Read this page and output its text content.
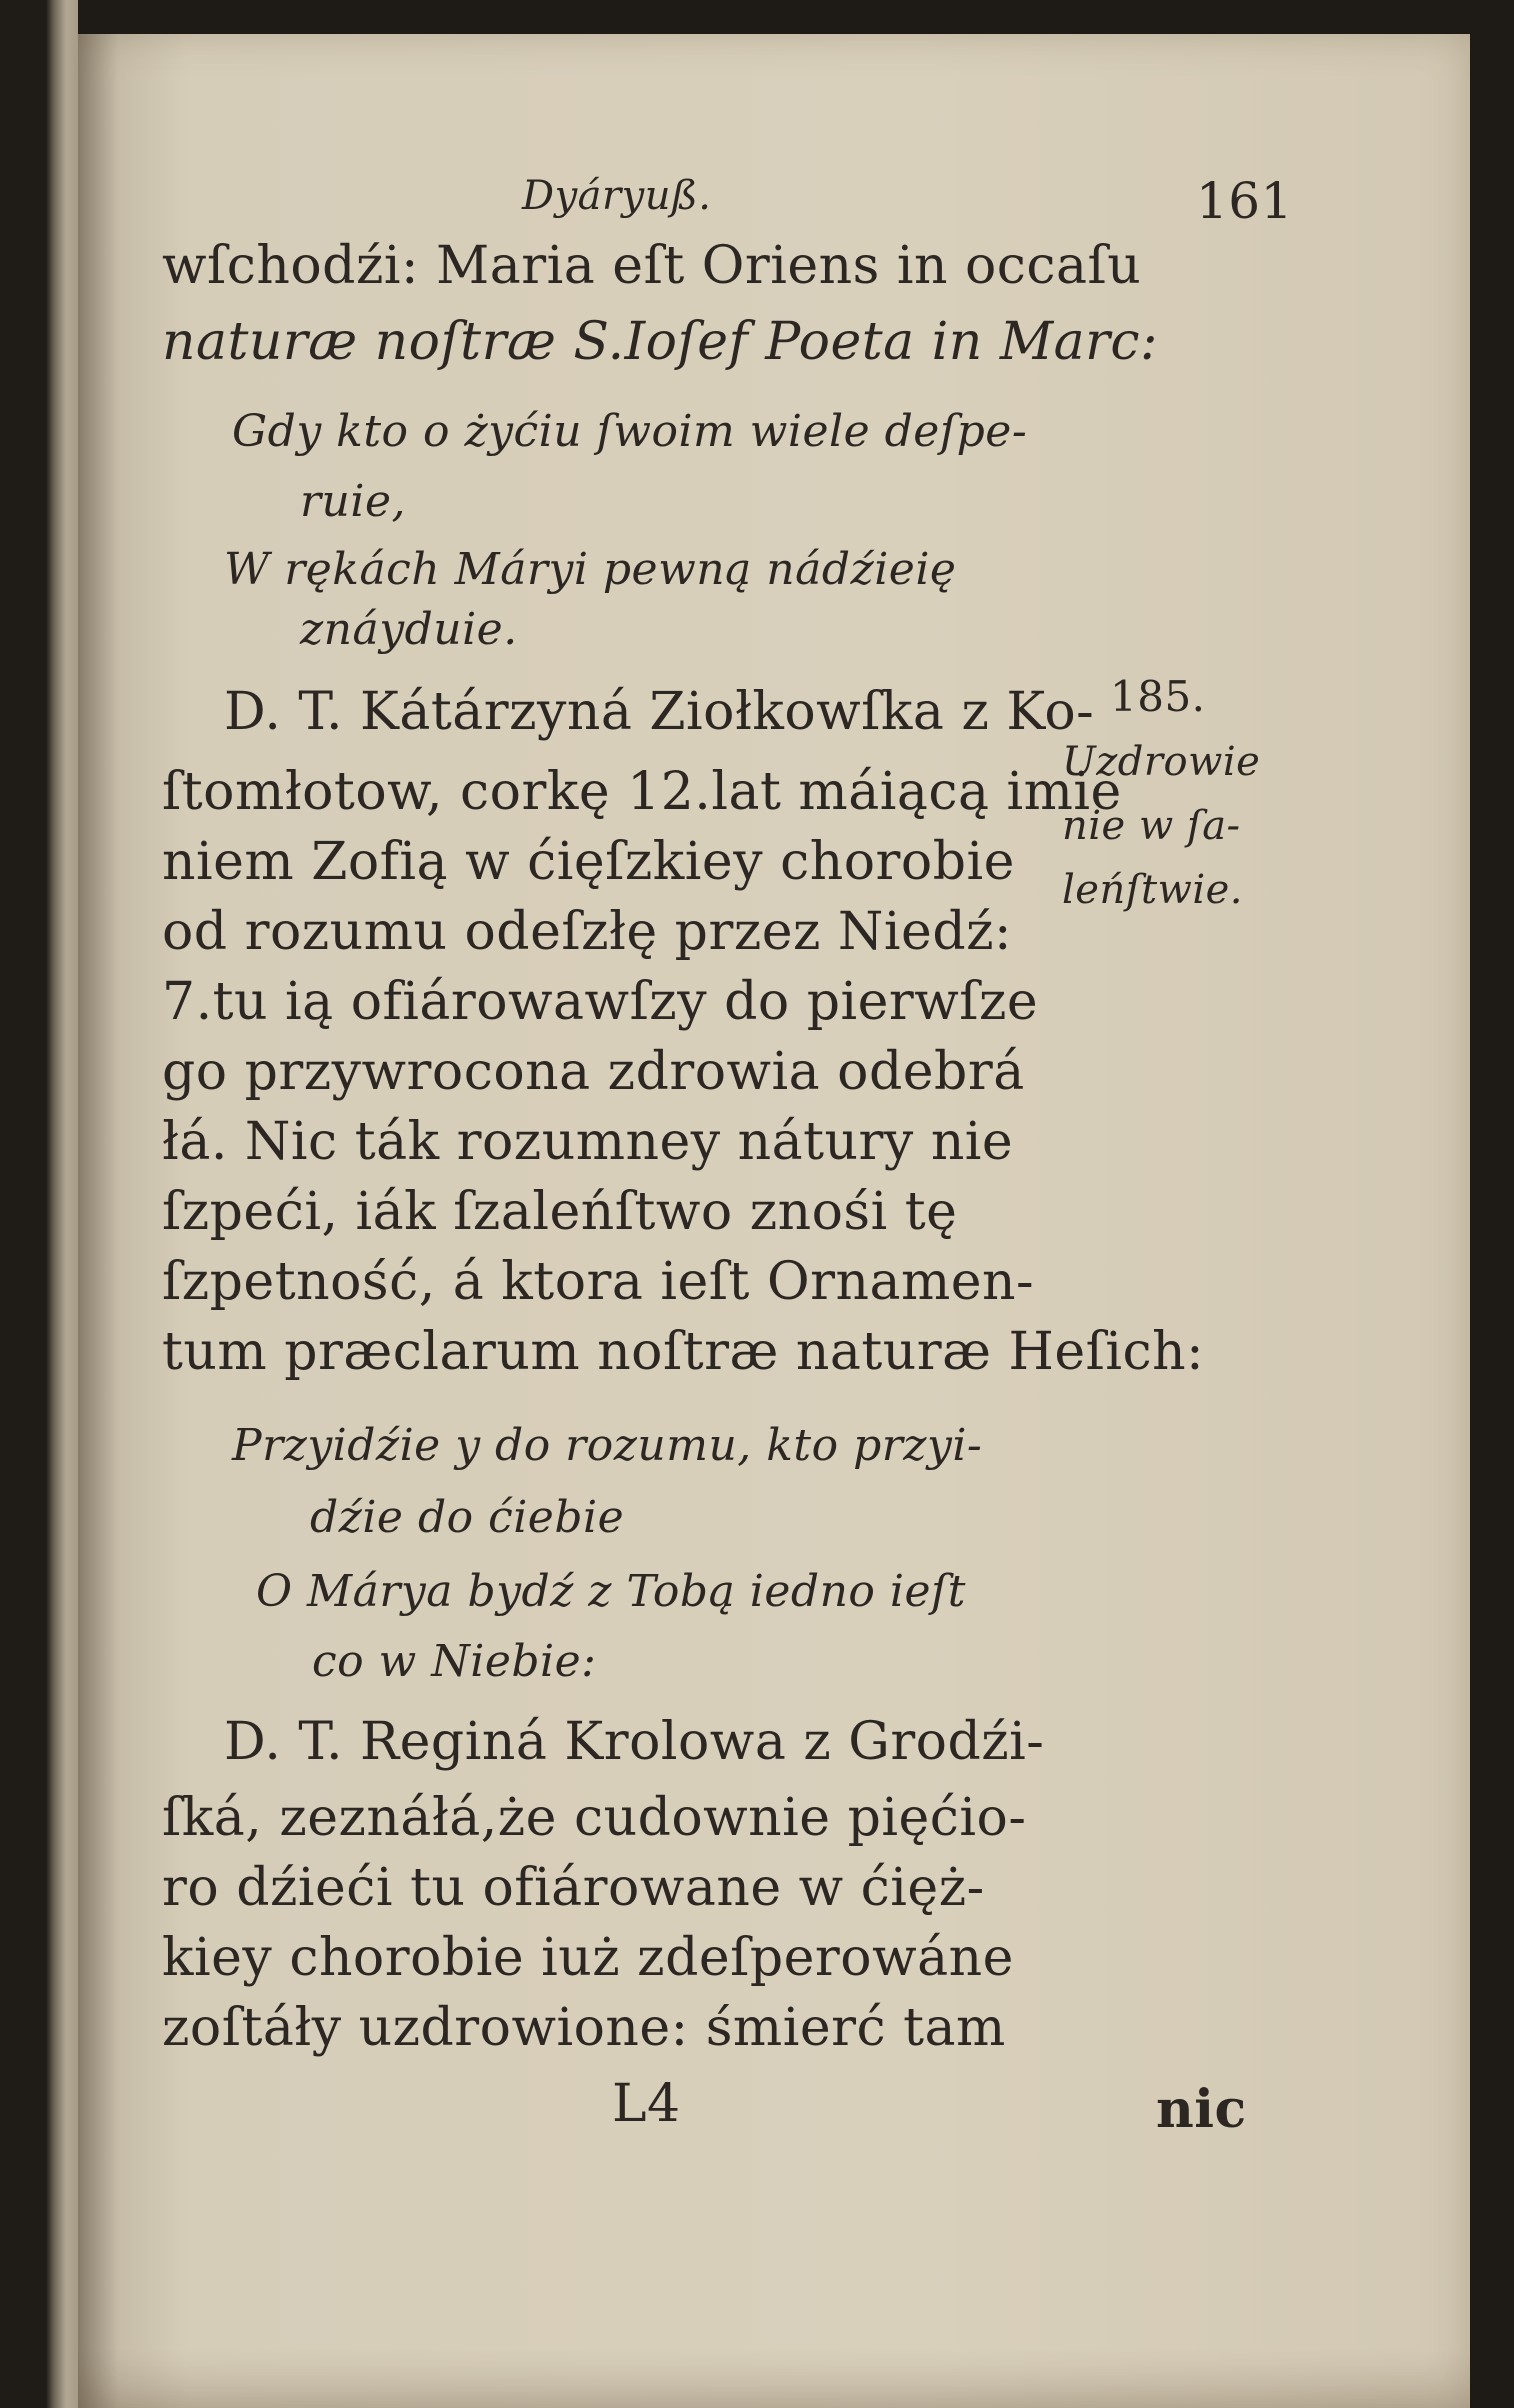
Dyáryuß.	161
wſchodźi: Maria eſt Oriens in occaſu
naturæ noſtræ S.Ioſef Poeta in Marc:
Gdy kto o żyćiu ſwoim wiele deſpe-
ruie,
W rękách Máryi pewną nádźieię
znáyduie.
D. T. Kátárzyná Ziołkowſka z Ko-
ſtomłotow, corkę 12.lat máiącą imie
niem Zofią w ćięſzkiey chorobie
od rozumu odeſzłę przez Niedź:
7.tu ią ofiárowawſzy do pierwſze
go przywrocona zdrowia odebrá
łá. Nic ták rozumney nátury nie
ſzpeći, iák ſzaleńſtwo znośi tę
ſzpetność, á ktora ieſt Ornamen-
tum præclarum noſtræ naturæ Heſich:
Przyidźie y do rozumu, kto przyi-
dźie do ćiebie
O Márya bydź z Tobą iedno ieſt
co w Niebie:
D. T. Reginá Krolowa z Grodźi-
ſká, zeznáłá,że cudownie pięćio-
ro dźieći tu ofiárowane w ćięż-
kiey chorobie iuż zdeſperowáne
zoſtáły uzdrowione: śmierć tam
185.
Uzdrowie
nie w ſa-
leńſtwie.
L4	nic
